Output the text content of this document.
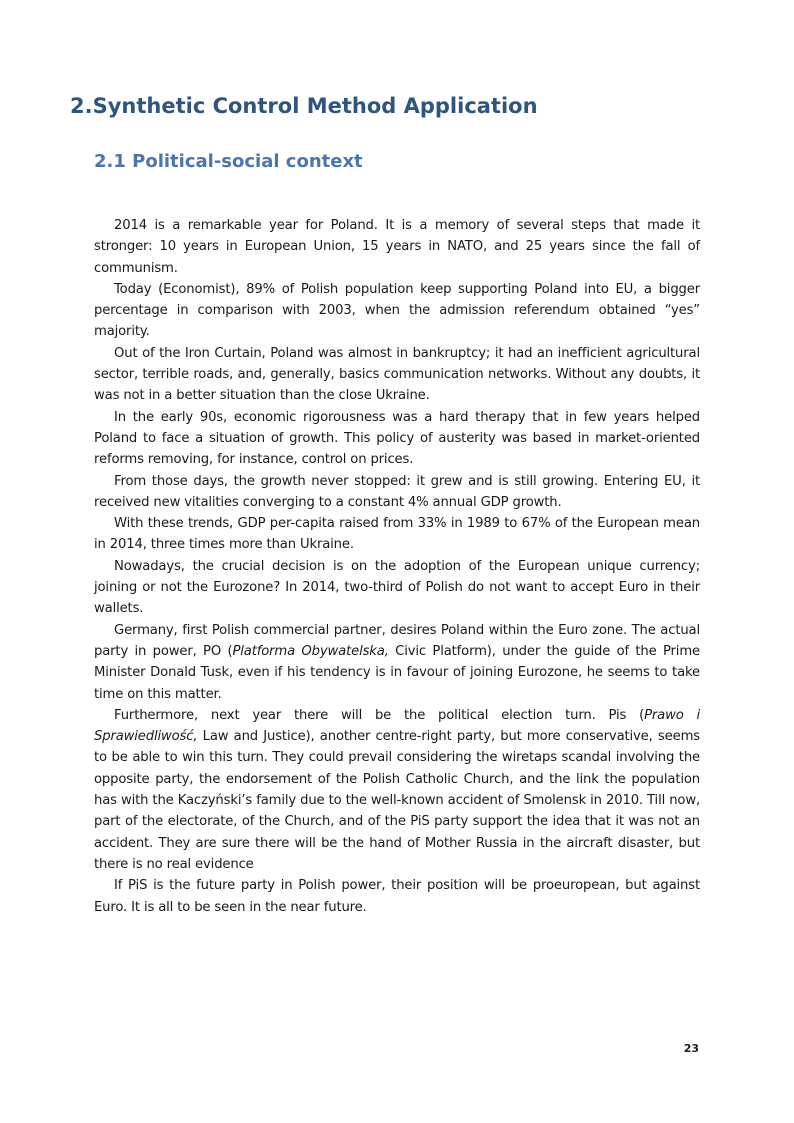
2.Synthetic Control Method Application
2.1 Political-social context

2014 is a remarkable year for Poland. It is a memory of several steps that made it stronger: 10 years in European Union, 15 years in NATO, and 25 years since the fall of communism.

Today (Economist), 89% of Polish population keep supporting Poland into EU, a bigger percentage in comparison with 2003, when the admission referendum obtained “yes” majority.

Out of the Iron Curtain, Poland was almost in bankruptcy; it had an inefficient agricultural sector, terrible roads, and, generally, basics communication networks. Without any doubts, it was not in a better situation than the close Ukraine.

In the early 90s, economic rigorousness was a hard therapy that in few years helped Poland to face a situation of growth. This policy of austerity was based in market-oriented reforms removing, for instance, control on prices.

From those days, the growth never stopped: it grew and is still growing. Entering EU, it received new vitalities converging to a constant 4% annual GDP growth.

With these trends, GDP per-capita raised from 33% in 1989 to 67% of the European mean in 2014, three times more than Ukraine.

Nowadays, the crucial decision is on the adoption of the European unique currency; joining or not the Eurozone? In 2014, two-third of Polish do not want to accept Euro in their wallets.

Germany, first Polish commercial partner, desires Poland within the Euro zone. The actual party in power, PO (Platforma Obywatelska, Civic Platform), under the guide of the Prime Minister Donald Tusk, even if his tendency is in favour of joining Eurozone, he seems to take time on this matter.

Furthermore, next year there will be the political election turn. Pis (Prawo i Sprawiedliwość, Law and Justice), another centre-right party, but more conservative, seems to be able to win this turn. They could prevail considering the wiretaps scandal involving the opposite party, the endorsement of the Polish Catholic Church, and the link the population has with the Kaczyński’s family due to the well-known accident of Smolensk in 2010. Till now, part of the electorate, of the Church, and of the PiS party support the idea that it was not an accident. They are sure there will be the hand of Mother Russia in the aircraft disaster, but there is no real evidence

If PiS is the future party in Polish power, their position will be proeuropean, but against Euro. It is all to be seen in the near future.

23
